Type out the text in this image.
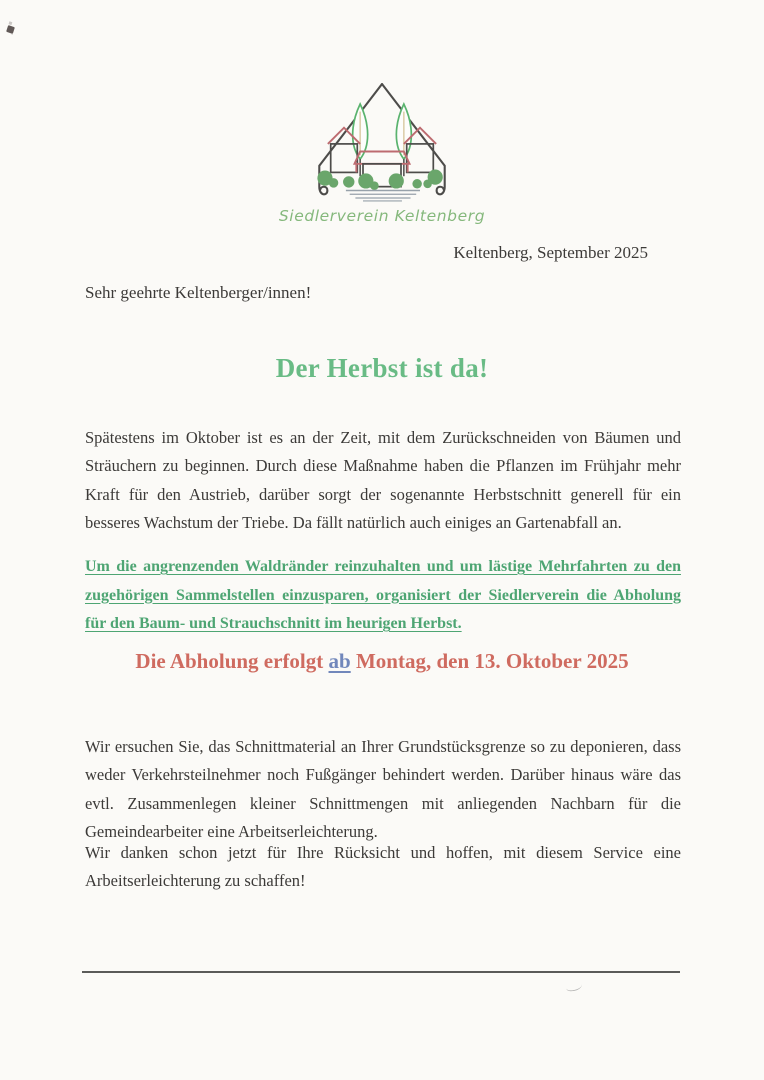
Siedlerverein Keltenberg
Keltenberg, September 2025
Sehr geehrte Keltenberger/innen!
Der Herbst ist da!

Spätestens im Oktober ist es an der Zeit, mit dem Zurückschneiden von Bäumen und Sträuchern zu beginnen. Durch diese Maßnahme haben die Pflanzen im Frühjahr mehr Kraft für den Austrieb, darüber sorgt der sogenannte Herbstschnitt generell für ein besseres Wachstum der Triebe. Da fällt natürlich auch einiges an Gartenabfall an.

Um die angrenzenden Waldränder reinzuhalten und um lästige Mehrfahrten zu den zugehörigen Sammelstellen einzusparen, organisiert der Siedlerverein die Abholung für den Baum- und Strauchschnitt im heurigen Herbst.

Die Abholung erfolgt ab Montag, den 13. Oktober 2025

Wir ersuchen Sie, das Schnittmaterial an Ihrer Grundstücksgrenze so zu deponieren, dass weder Verkehrsteilnehmer noch Fußgänger behindert werden. Darüber hinaus wäre das evtl. Zusammenlegen kleiner Schnittmengen mit anliegenden Nachbarn für die Gemeindearbeiter eine Arbeitserleichterung.

Wir danken schon jetzt für Ihre Rücksicht und hoffen, mit diesem Service eine Arbeitserleichterung zu schaffen!
